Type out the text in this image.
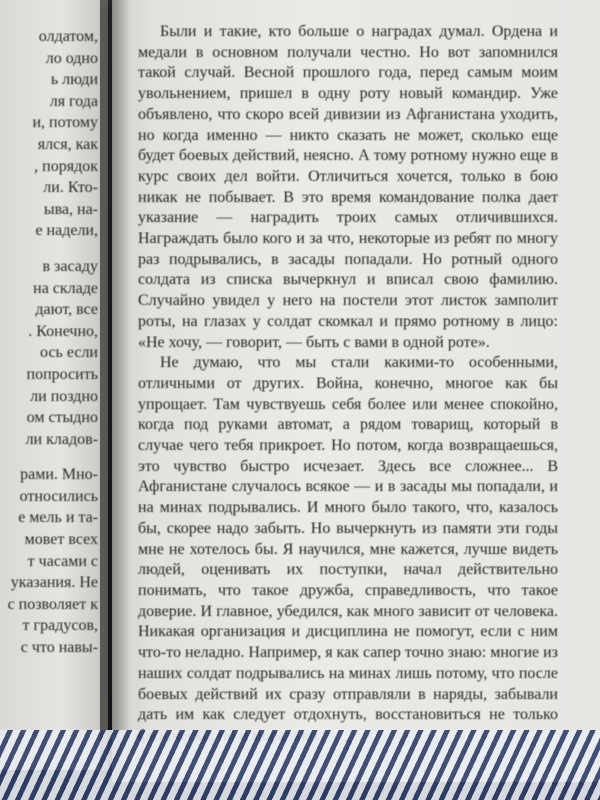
олдатом,
ло одно
ь люди
ля года
и, потому
ялся, как
, порядок
ли. Кто-
ыва, на-
е надели,
в засаду
на складе
дают, все
. Конечно,
ось если
попросить
ли поздно
ом стыдно
ли кладов-
рами. Мно-
относились
е мель и та-
мовет всех
т часами с
указания. Не
с позволяет к
т градусов,
с что навы-

Были и такие, кто больше о наградах думал. Ордена и медали в основном получали честно. Но вот запомнился такой случай. Весной прошлого года, перед самым моим увольнением, пришел в одну роту новый командир. Уже объявлено, что скоро всей дивизии из Афганистана уходить, но когда именно — никто сказать не может, сколько еще будет боевых действий, неясно. А тому ротному нужно еще в курс своих дел войти. Отличиться хочется, только в бою никак не побывает. В это время командование полка дает указание — наградить троих самых отличившихся. Награждать было кого и за что, некоторые из ребят по многу раз подрывались, в засады попадали. Но ротный одного солдата из списка вычеркнул и вписал свою фамилию. Случайно увидел у него на постели этот листок замполит роты, на глазах у солдат скомкал и прямо ротному в лицо: «Не хочу, — говорит, — быть с вами в одной роте».

Не думаю, что мы стали какими-то особенными, отличными от других. Война, конечно, многое как бы упрощает. Там чувствуешь себя более или менее спокойно, когда под руками автомат, а рядом товарищ, который в случае чего тебя прикроет. Но потом, когда возвращаешься, это чувство быстро исчезает. Здесь все сложнее... В Афганистане случалось всякое — и в засады мы попадали, и на минах подрывались. И много было такого, что, казалось бы, скорее надо забыть. Но вычеркнуть из памяти эти годы мне не хотелось бы. Я научился, мне кажется, лучше видеть людей, оценивать их поступки, начал действительно понимать, что такое дружба, справедливость, что такое доверие. И главное, убедился, как много зависит от человека. Никакая организация и дисциплина не помогут, если с ним что-то неладно. Например, я как сапер точно знаю: многие из наших солдат подрывались на минах лишь потому, что после боевых действий их сразу отправляли в наряды, забывали дать им как следует отдохнуть, восстановиться не только
